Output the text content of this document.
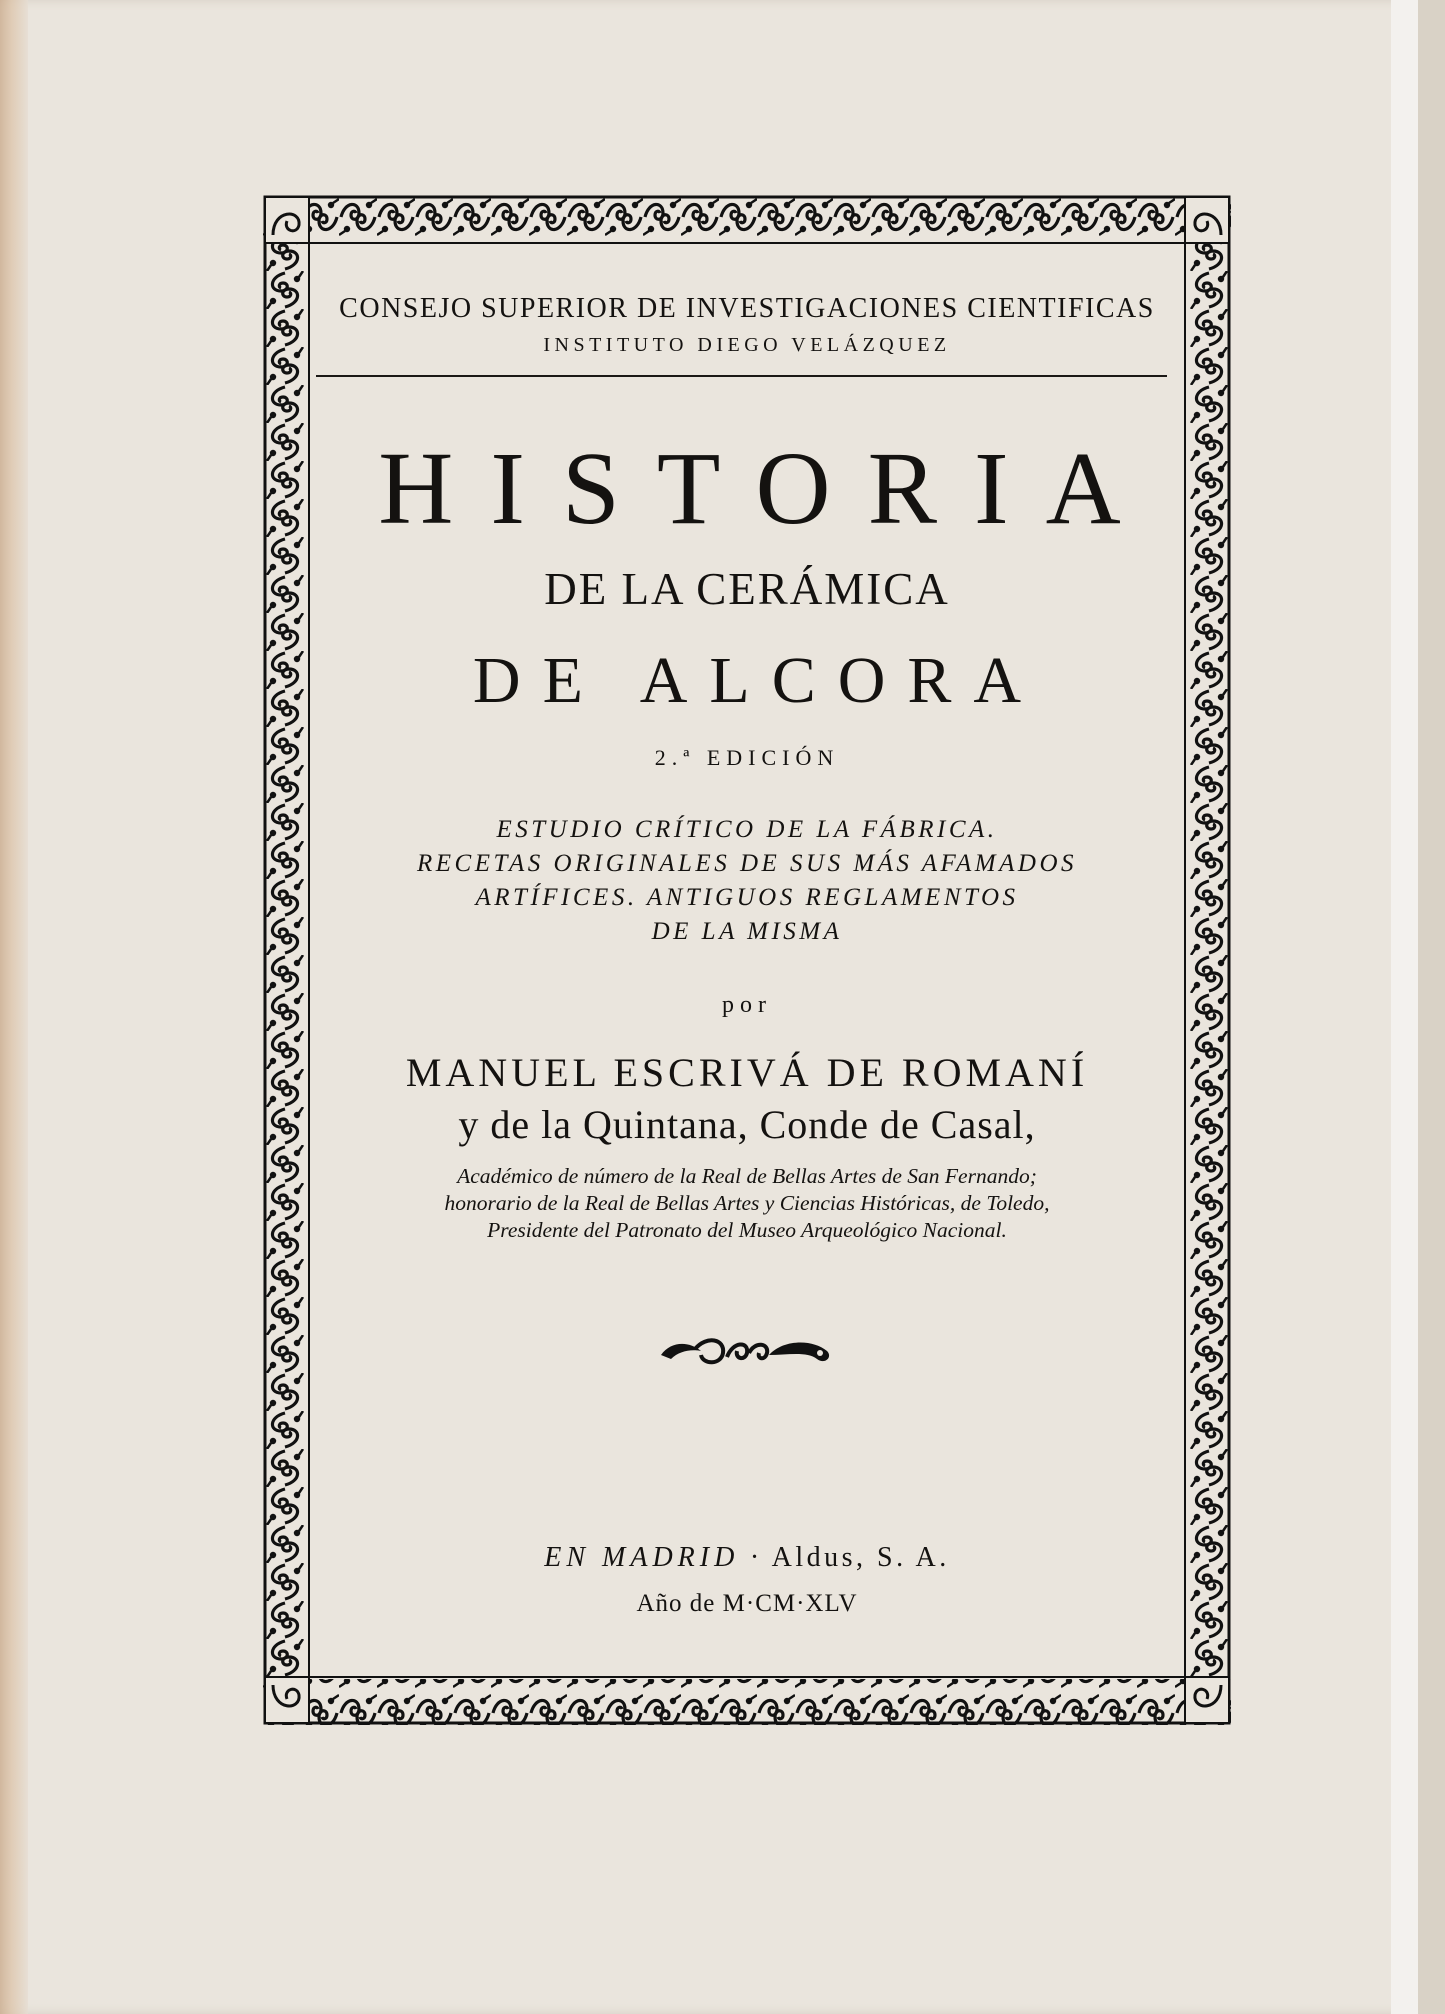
CONSEJO SUPERIOR DE INVESTIGACIONES CIENTIFICAS

INSTITUTO DIEGO VELÁZQUEZ

HISTORIA

DE LA CERÁMICA

DE ALCORA

2.ª EDICIÓN

ESTUDIO CRÍTICO DE LA FÁBRICA.
RECETAS ORIGINALES DE SUS MÁS AFAMADOS
ARTÍFICES. ANTIGUOS REGLAMENTOS
DE LA MISMA

por

MANUEL ESCRIVÁ DE ROMANÍ

y de la Quintana, Conde de Casal,

Académico de número de la Real de Bellas Artes de San Fernando;
honorario de la Real de Bellas Artes y Ciencias Históricas, de Toledo,
Presidente del Patronato del Museo Arqueológico Nacional.

EN MADRID · Aldus, S. A.

Año de M·CM·XLV
